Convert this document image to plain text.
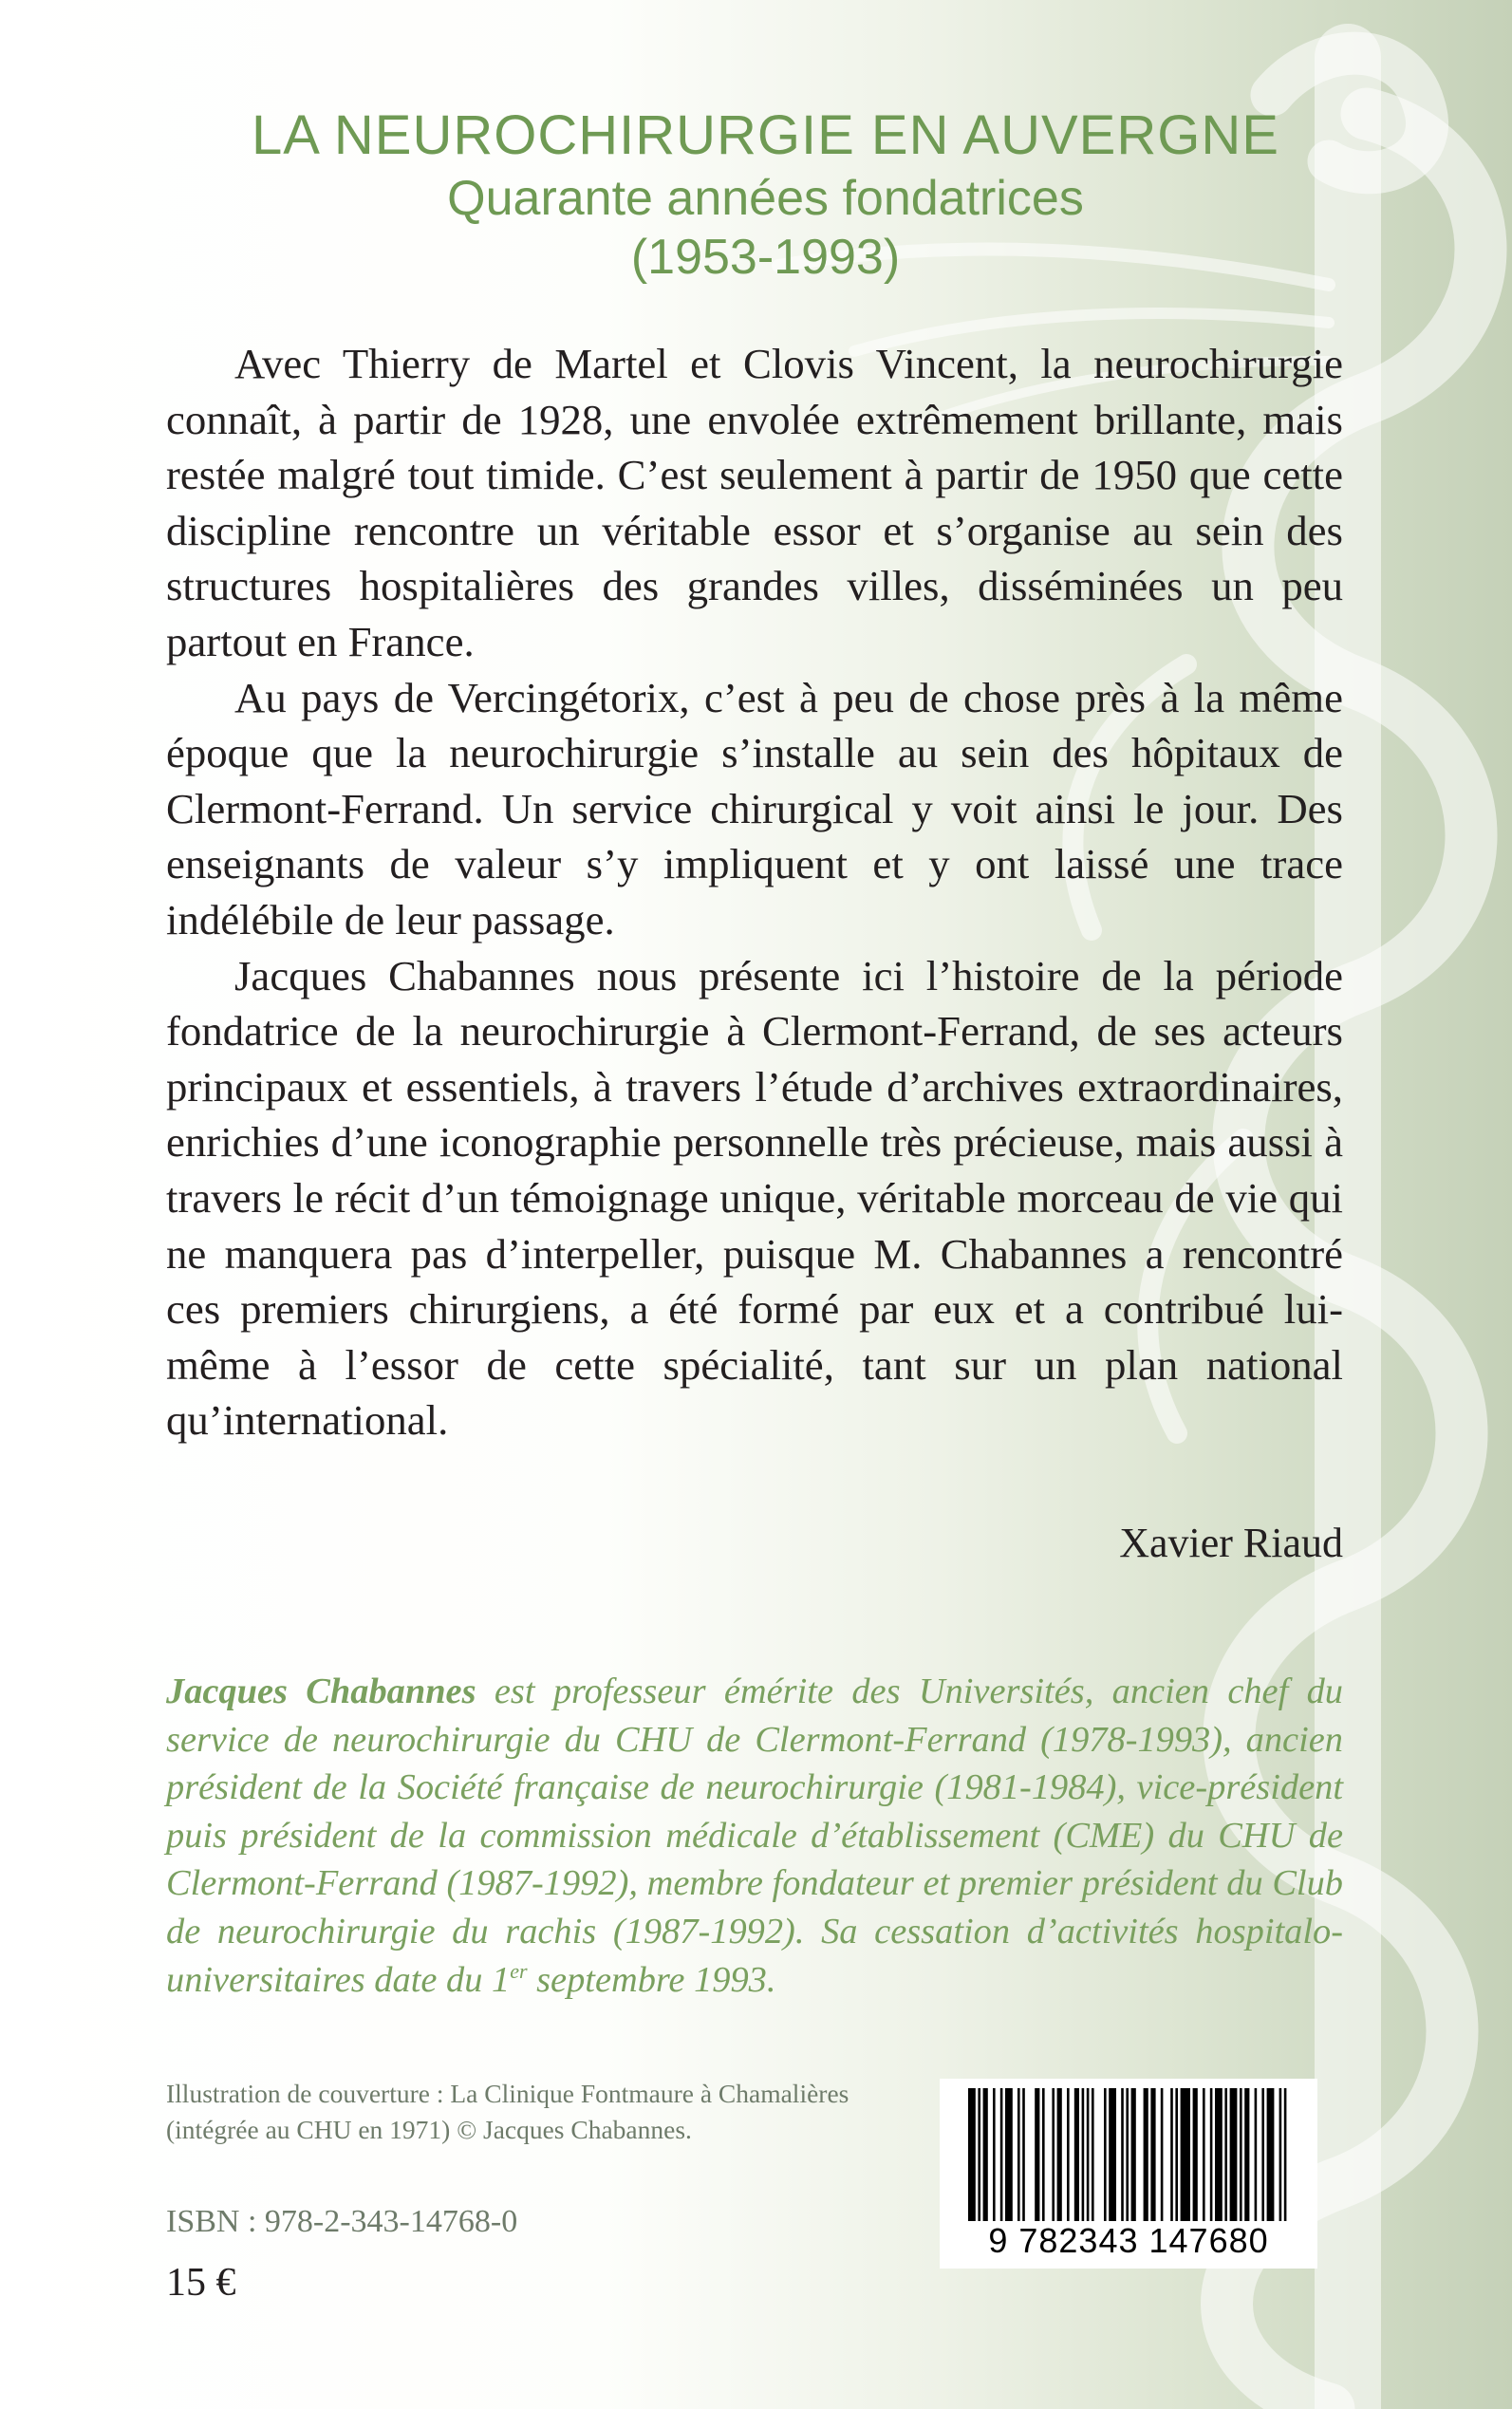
LA NEUROCHIRURGIE EN AUVERGNE
Quarante années fondatrices
(1953-1993)

Avec Thierry de Martel et Clovis Vincent, la neurochirurgie connaît, à partir de 1928, une envolée extrêmement brillante, mais restée malgré tout timide. C’est seulement à partir de 1950 que cette discipline rencontre un véritable essor et s’organise au sein des structures hospitalières des grandes villes, disséminées un peu partout en France.

Au pays de Vercingétorix, c’est à peu de chose près à la même époque que la neurochirurgie s’installe au sein des hôpitaux de Clermont-Ferrand. Un service chirurgical y voit ainsi le jour. Des enseignants de valeur s’y impliquent et y ont laissé une trace indélébile de leur passage.

Jacques Chabannes nous présente ici l’histoire de la période fondatrice de la neurochirurgie à Clermont-Ferrand, de ses acteurs principaux et essentiels, à travers l’étude d’archives extraordinaires, enrichies d’une iconographie personnelle très précieuse, mais aussi à travers le récit d’un témoignage unique, véritable morceau de vie qui ne manquera pas d’interpeller, puisque M. Chabannes a rencontré ces premiers chirurgiens, a été formé par eux et a contribué lui-même à l’essor de cette spécialité, tant sur un plan national qu’international.

Xavier Riaud
Jacques Chabannes est professeur émérite des Universités, ancien chef du service de neurochirurgie du CHU de Clermont-Ferrand (1978-1993), ancien président de la Société française de neurochirurgie (1981-1984), vice-président puis président de la commission médicale d’établissement (CME) du CHU de Clermont-Ferrand (1987-1992), membre fondateur et premier président du Club de neurochirurgie du rachis (1987-1992). Sa cessation d’activités hospitalo-universitaires date du 1er septembre 1993.
Illustration de couverture : La Clinique Fontmaure à Chamalières
(intégrée au CHU en 1971) © Jacques Chabannes.
ISBN : 978-2-343-14768-0
15 €
9 782343 147680
